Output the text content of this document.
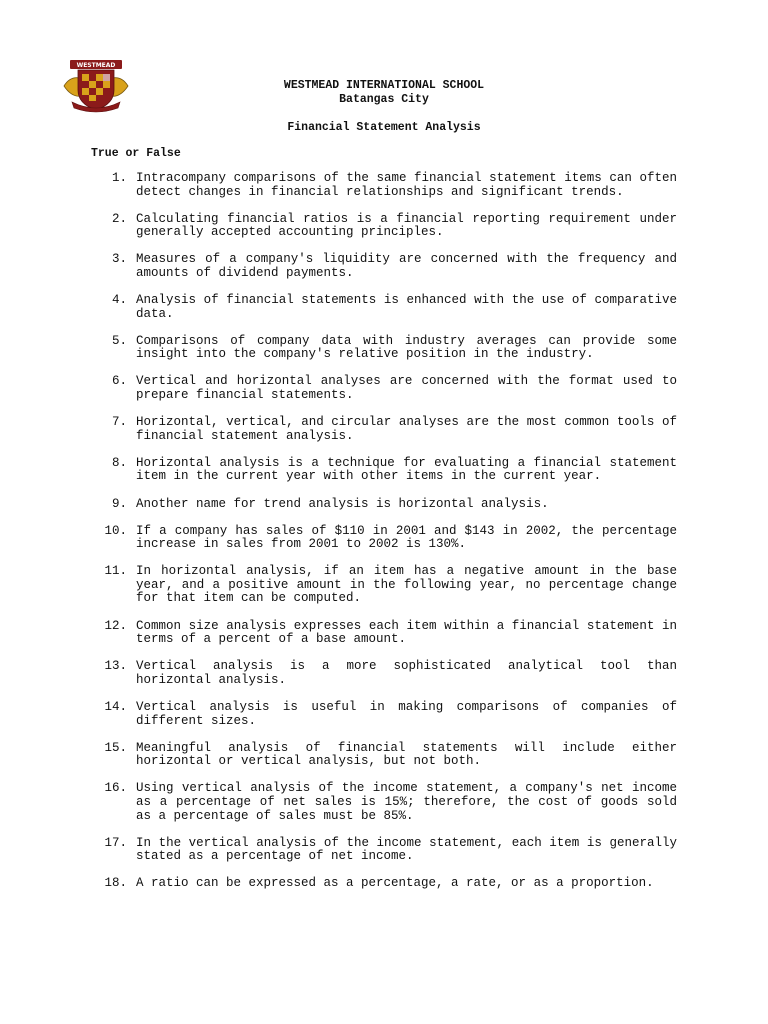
WESTMEAD
WESTMEAD INTERNATIONAL SCHOOL
Batangas City
Financial Statement Analysis
True or False
1. Intracompany comparisons of the same financial statement items can often detect changes in financial relationships and significant trends.
2. Calculating financial ratios is a financial reporting requirement under generally accepted accounting principles.
3. Measures of a company's liquidity are concerned with the frequency and amounts of dividend payments.
4. Analysis of financial statements is enhanced with the use of comparative data.
5. Comparisons of company data with industry averages can provide some insight into the company's relative position in the industry.
6. Vertical and horizontal analyses are concerned with the format used to prepare financial statements.
7. Horizontal, vertical, and circular analyses are the most common tools of financial statement analysis.
8. Horizontal analysis is a technique for evaluating a financial statement item in the current year with other items in the current year.
9. Another name for trend analysis is horizontal analysis.
10. If a company has sales of $110 in 2001 and $143 in 2002, the percentage increase in sales from 2001 to 2002 is 130%.
11. In horizontal analysis, if an item has a negative amount in the base year, and a positive amount in the following year, no percentage change for that item can be computed.
12. Common size analysis expresses each item within a financial statement in terms of a percent of a base amount.
13. Vertical analysis is a more sophisticated analytical tool than horizontal analysis.
14. Vertical analysis is useful in making comparisons of companies of different sizes.
15. Meaningful analysis of financial statements will include either horizontal or vertical analysis, but not both.
16. Using vertical analysis of the income statement, a company's net income as a percentage of net sales is 15%; therefore, the cost of goods sold as a percentage of sales must be 85%.
17. In the vertical analysis of the income statement, each item is generally stated as a percentage of net income.
18. A ratio can be expressed as a percentage, a rate, or as a proportion.
